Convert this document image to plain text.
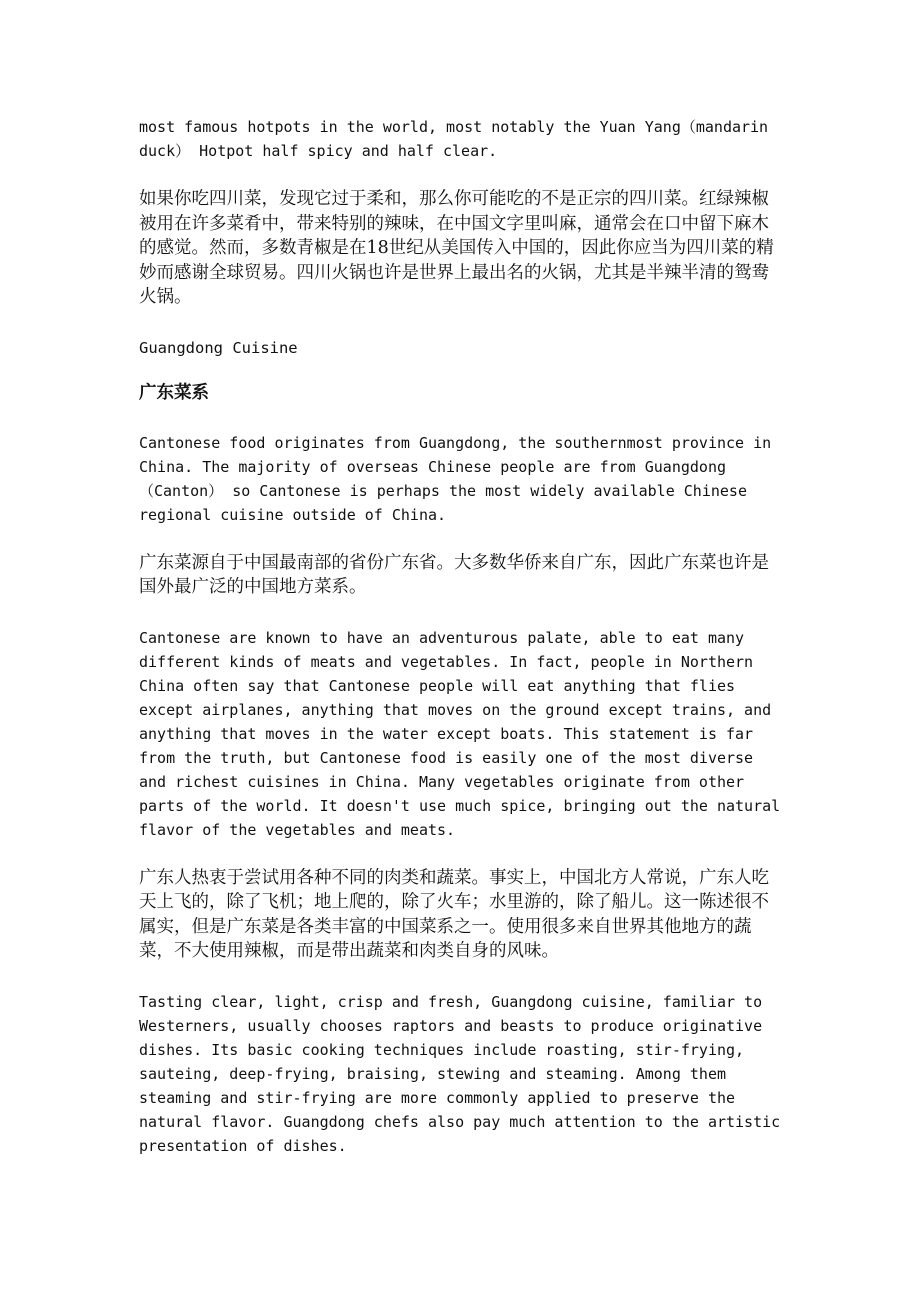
most famous hotpots in the world, most notably the Yuan Yang（mandarin duck） Hotpot half spicy and half clear.

如果你吃四川菜，发现它过于柔和，那么你可能吃的不是正宗的四川菜。红绿辣椒被用在许多菜肴中，带来特别的辣味，在中国文字里叫麻，通常会在口中留下麻木的感觉。然而，多数青椒是在18世纪从美国传入中国的，因此你应当为四川菜的精妙而感谢全球贸易。四川火锅也许是世界上最出名的火锅，尤其是半辣半清的鸳鸯火锅。

Guangdong Cuisine

广东菜系

Cantonese food originates from Guangdong, the southernmost province in China. The majority of overseas Chinese people are from Guangdong（Canton） so Cantonese is perhaps the most widely available Chinese regional cuisine outside of China.

广东菜源自于中国最南部的省份广东省。大多数华侨来自广东，因此广东菜也许是国外最广泛的中国地方菜系。

Cantonese are known to have an adventurous palate, able to eat many different kinds of meats and vegetables. In fact, people in Northern China often say that Cantonese people will eat anything that flies except airplanes, anything that moves on the ground except trains, and anything that moves in the water except boats. This statement is far from the truth, but Cantonese food is easily one of the most diverse and richest cuisines in China. Many vegetables originate from other parts of the world. It doesn't use much spice, bringing out the natural flavor of the vegetables and meats.

广东人热衷于尝试用各种不同的肉类和蔬菜。事实上，中国北方人常说，广东人吃天上飞的，除了飞机；地上爬的，除了火车；水里游的，除了船儿。这一陈述很不属实，但是广东菜是各类丰富的中国菜系之一。使用很多来自世界其他地方的蔬菜，不大使用辣椒，而是带出蔬菜和肉类自身的风味。

Tasting clear, light, crisp and fresh, Guangdong cuisine, familiar to Westerners, usually chooses raptors and beasts to produce originative dishes. Its basic cooking techniques include roasting, stir-frying, sauteing, deep-frying, braising, stewing and steaming. Among them steaming and stir-frying are more commonly applied to preserve the natural flavor. Guangdong chefs also pay much attention to the artistic presentation of dishes.
